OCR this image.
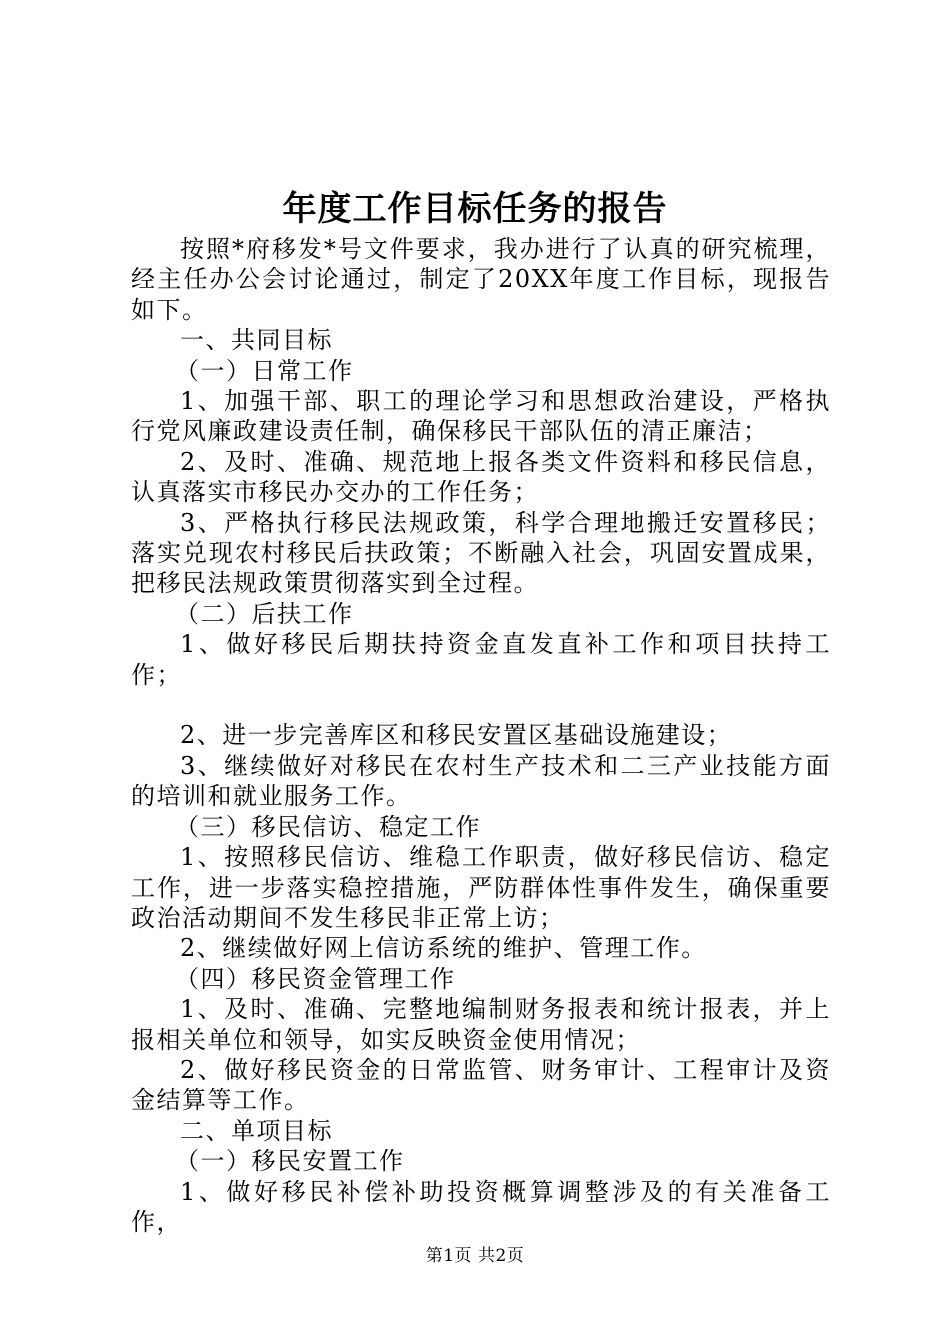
年度工作目标任务的报告

按照*府移发*号文件要求，我办进行了认真的研究梳理，经主任办公会讨论通过，制定了20XX年度工作目标，现报告如下。

一、共同目标

（一）日常工作

1、加强干部、职工的理论学习和思想政治建设，严格执行党风廉政建设责任制，确保移民干部队伍的清正廉洁；

2、及时、准确、规范地上报各类文件资料和移民信息，认真落实市移民办交办的工作任务；

3、严格执行移民法规政策，科学合理地搬迁安置移民；落实兑现农村移民后扶政策；不断融入社会，巩固安置成果，把移民法规政策贯彻落实到全过程。

（二）后扶工作

1、做好移民后期扶持资金直发直补工作和项目扶持工作；

2、进一步完善库区和移民安置区基础设施建设；

3、继续做好对移民在农村生产技术和二三产业技能方面的培训和就业服务工作。

（三）移民信访、稳定工作

1、按照移民信访、维稳工作职责，做好移民信访、稳定工作，进一步落实稳控措施，严防群体性事件发生，确保重要政治活动期间不发生移民非正常上访；

2、继续做好网上信访系统的维护、管理工作。

（四）移民资金管理工作

1、及时、准确、完整地编制财务报表和统计报表，并上报相关单位和领导，如实反映资金使用情况；

2、做好移民资金的日常监管、财务审计、工程审计及资金结算等工作。

二、单项目标

（一）移民安置工作

1、做好移民补偿补助投资概算调整涉及的有关准备工作，

第1页 共2页
